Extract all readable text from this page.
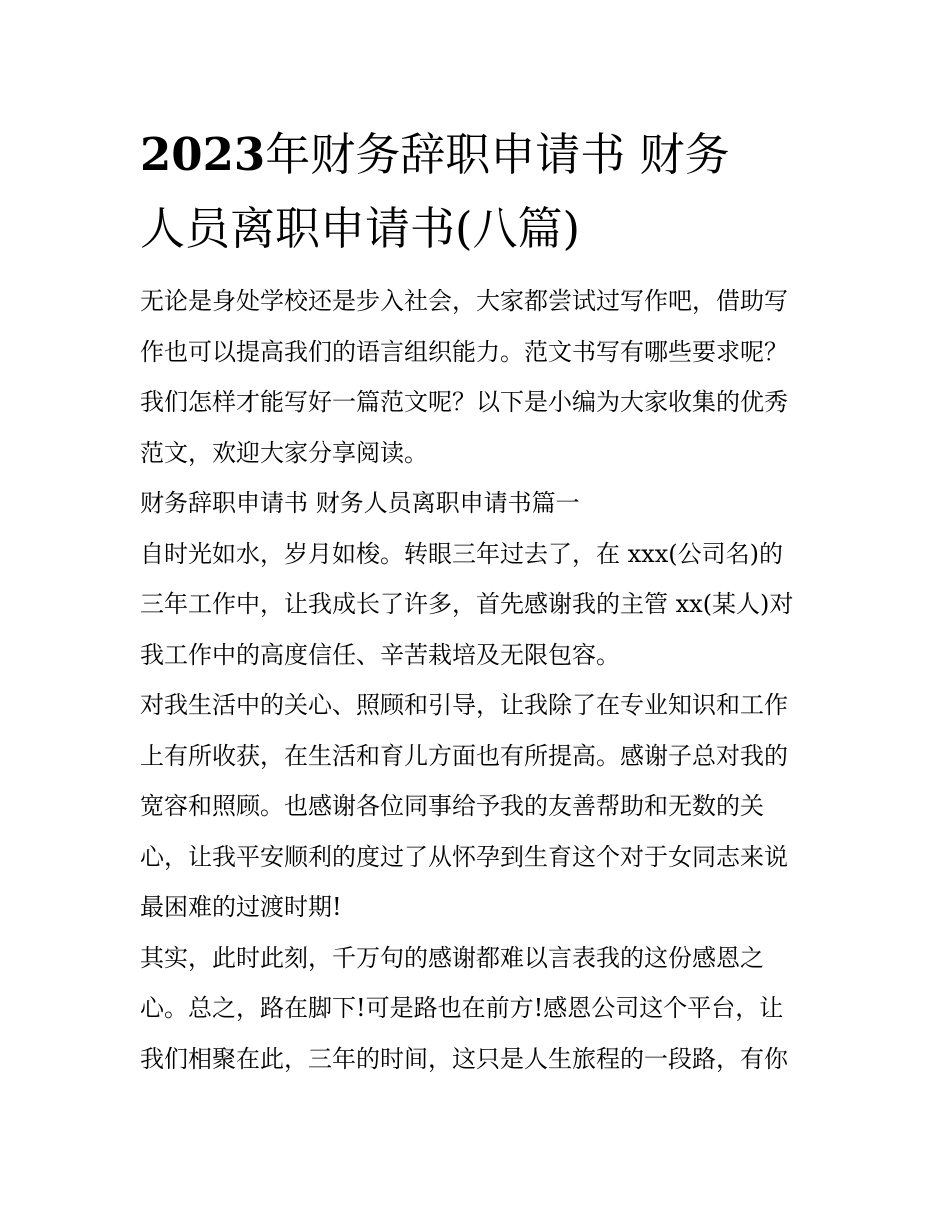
2023年财务辞职申请书 财务
人员离职申请书(八篇)

无论是身处学校还是步入社会，大家都尝试过写作吧，借助写
作也可以提高我们的语言组织能力。范文书写有哪些要求呢？
我们怎样才能写好一篇范文呢？以下是小编为大家收集的优秀
范文，欢迎大家分享阅读。

财务辞职申请书 财务人员离职申请书篇一

自时光如水，岁月如梭。转眼三年过去了，在 xxx(公司名)的
三年工作中，让我成长了许多，首先感谢我的主管 xx(某人)对
我工作中的高度信任、辛苦栽培及无限包容。

对我生活中的关心、照顾和引导，让我除了在专业知识和工作
上有所收获，在生活和育儿方面也有所提高。感谢子总对我的
宽容和照顾。也感谢各位同事给予我的友善帮助和无数的关
心，让我平安顺利的度过了从怀孕到生育这个对于女同志来说
最困难的过渡时期!

其实，此时此刻，千万句的感谢都难以言表我的这份感恩之
心。总之，路在脚下!可是路也在前方!感恩公司这个平台，让
我们相聚在此，三年的时间，这只是人生旅程的一段路，有你
